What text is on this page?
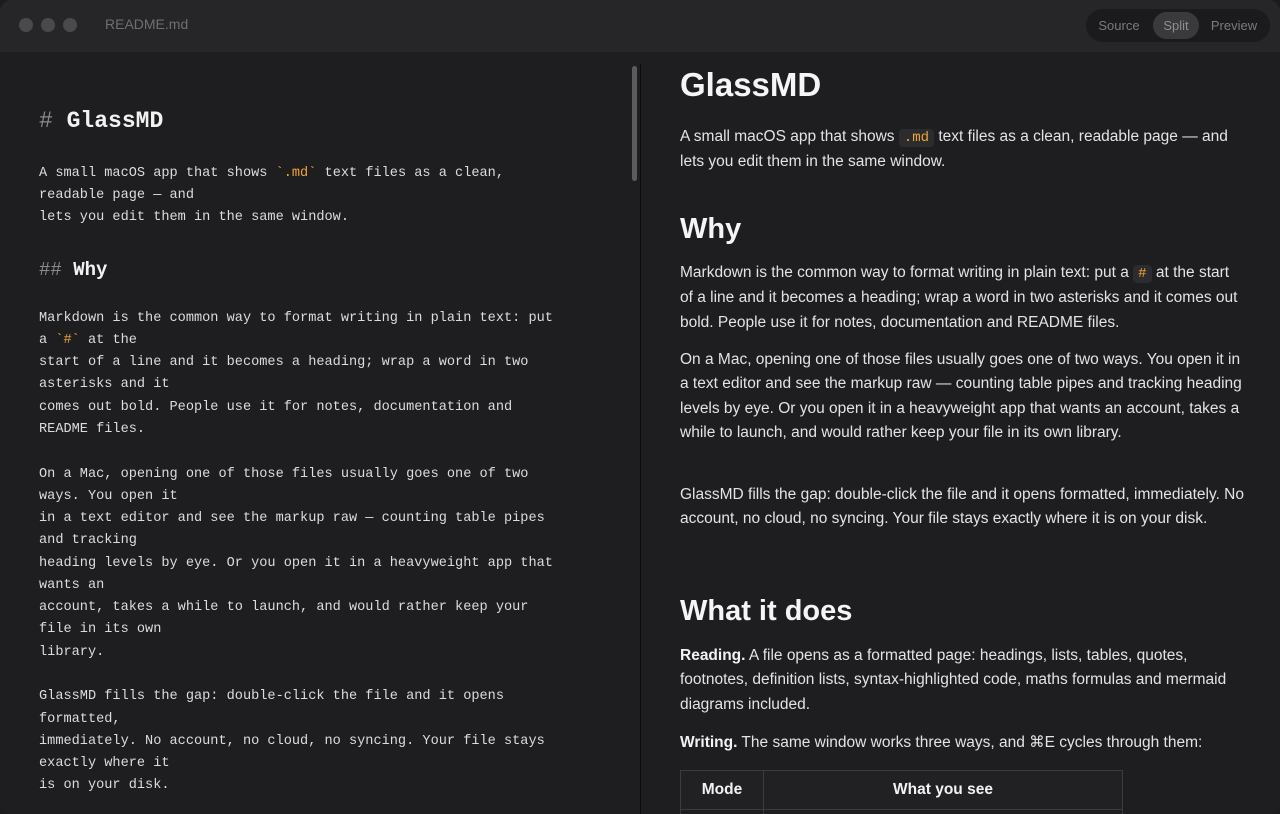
README.md	Source	Split	Preview
# GlassMD
A small macOS app that shows `.md` text files as a clean,
readable page — and
lets you edit them in the same window.
## Why
Markdown is the common way to format writing in plain text: put
a `#` at the
start of a line and it becomes a heading; wrap a word in two
asterisks and it
comes out bold. People use it for notes, documentation and
README files.
On a Mac, opening one of those files usually goes one of two
ways. You open it
in a text editor and see the markup raw — counting table pipes
and tracking
heading levels by eye. Or you open it in a heavyweight app that
wants an
account, takes a while to launch, and would rather keep your
file in its own
library.
GlassMD fills the gap: double-click the file and it opens
formatted,
immediately. No account, no cloud, no syncing. Your file stays
exactly where it
is on your disk.
GlassMD
A small macOS app that shows .md text files as a clean, readable page — and lets you edit them in the same window.
Why
Markdown is the common way to format writing in plain text: put a # at the start of a line and it becomes a heading; wrap a word in two asterisks and it comes out bold. People use it for notes, documentation and README files.
On a Mac, opening one of those files usually goes one of two ways. You open it in a text editor and see the markup raw — counting table pipes and tracking heading levels by eye. Or you open it in a heavyweight app that wants an account, takes a while to launch, and would rather keep your file in its own library.
GlassMD fills the gap: double-click the file and it opens formatted, immediately. No account, no cloud, no syncing. Your file stays exactly where it is on your disk.
What it does
Reading. A file opens as a formatted page: headings, lists, tables, quotes, footnotes, definition lists, syntax-highlighted code, maths formulas and mermaid diagrams included.
Writing. The same window works three ways, and ⌘E cycles through them:
Mode	What you see
